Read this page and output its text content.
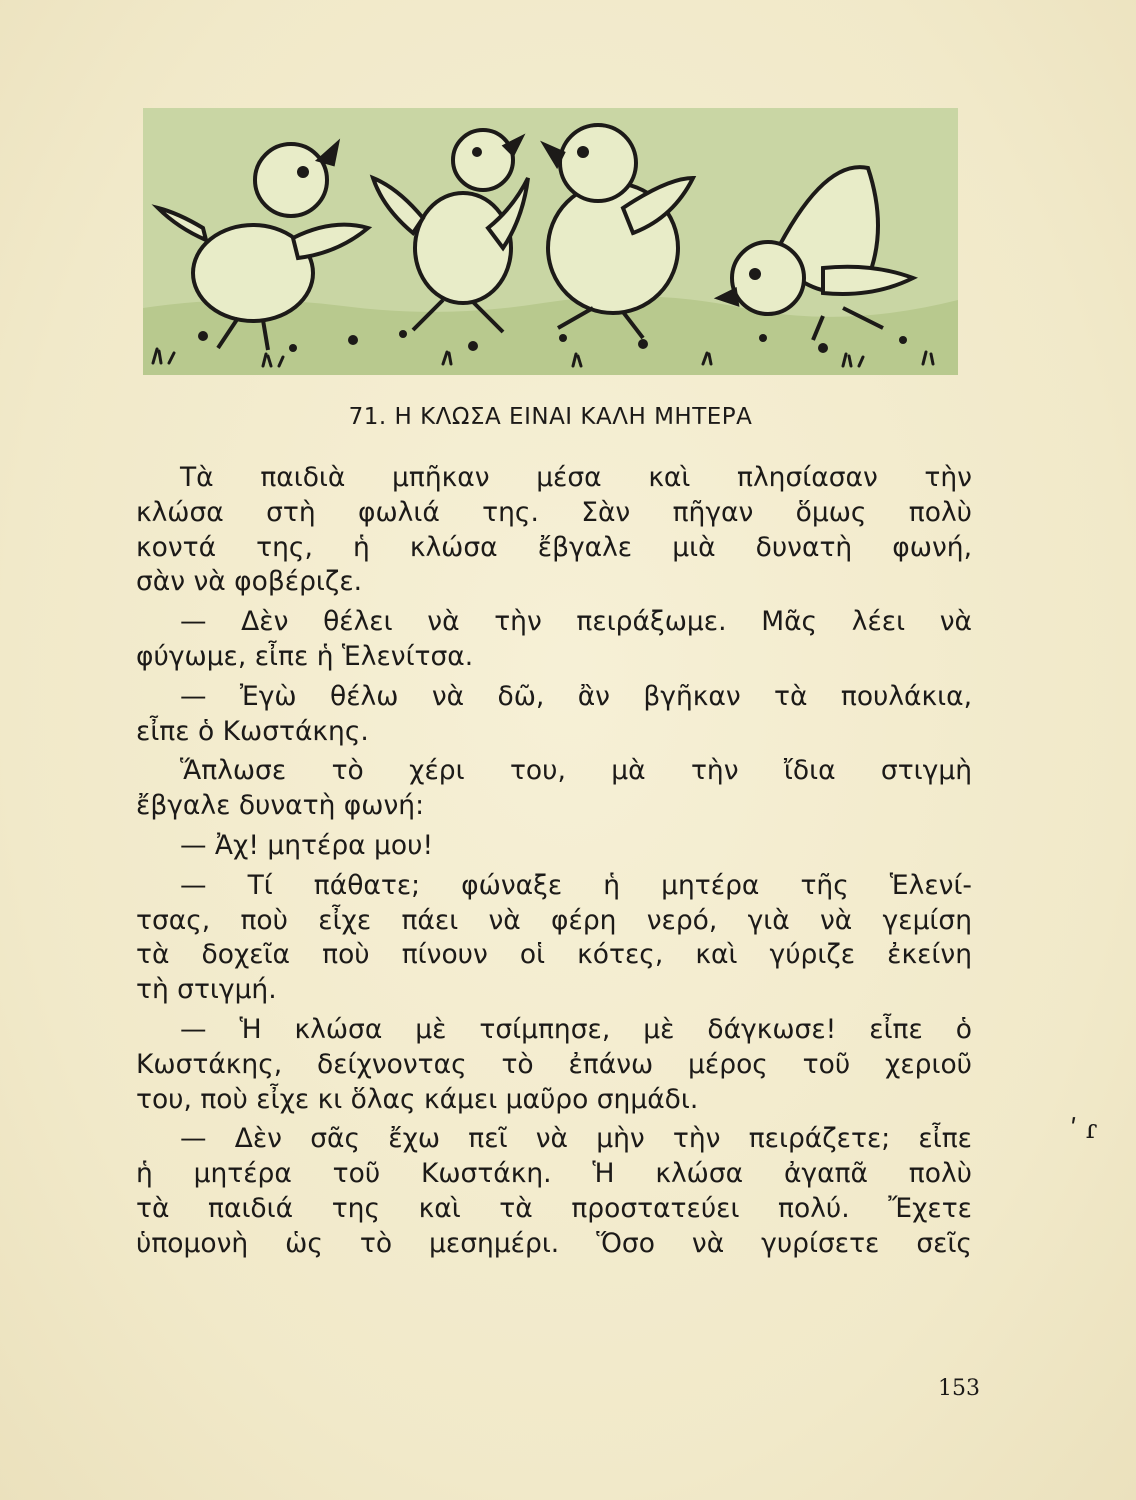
71. Η ΚΛΩΣΑ ΕΙΝΑΙ ΚΑΛΗ ΜΗΤΕΡΑ
Τὰ παιδιὰ μπῆκαν μέσα καὶ πλησίασαν τὴν
κλώσα στὴ φωλιά της. Σὰν πῆγαν ὅμως πολὺ
κοντά της, ἡ κλώσα ἔβγαλε μιὰ δυνατὴ φωνή,
σὰν νὰ φοβέριζε.
— Δὲν θέλει νὰ τὴν πειράξωμε. Μᾶς λέει νὰ
φύγωμε, εἶπε ἡ Ἑλενίτσα.
— Ἐγὼ θέλω νὰ δῶ, ἂν βγῆκαν τὰ πουλάκια,
εἶπε ὁ Κωστάκης.
Ἅπλωσε τὸ χέρι του, μὰ τὴν ἴδια στιγμὴ
ἔβγαλε δυνατὴ φωνή:
— Ἀχ! μητέρα μου!
— Τί πάθατε; φώναξε ἡ μητέρα τῆς Ἑλενί-
τσας, ποὺ εἶχε πάει νὰ φέρη νερό, γιὰ νὰ γεμίση
τὰ δοχεῖα ποὺ πίνουν οἱ κότες, καὶ γύριζε ἐκείνη
τὴ στιγμή.
— Ἡ κλώσα μὲ τσίμπησε, μὲ δάγκωσε! εἶπε ὁ
Κωστάκης, δείχνοντας τὸ ἐπάνω μέρος τοῦ χεριοῦ
του, ποὺ εἶχε κι ὅλας κάμει μαῦρο σημάδι.
— Δὲν σᾶς ἔχω πεῖ νὰ μὴν τὴν πειράζετε; εἶπε
ἡ μητέρα τοῦ Κωστάκη. Ἡ κλώσα ἀγαπᾶ πολὺ
τὰ παιδιά της καὶ τὰ προστατεύει πολύ. Ἔχετε
ὑπομονὴ ὡς τὸ μεσημέρι. Ὅσο νὰ γυρίσετε σεῖς
ʹ ɾ
153
